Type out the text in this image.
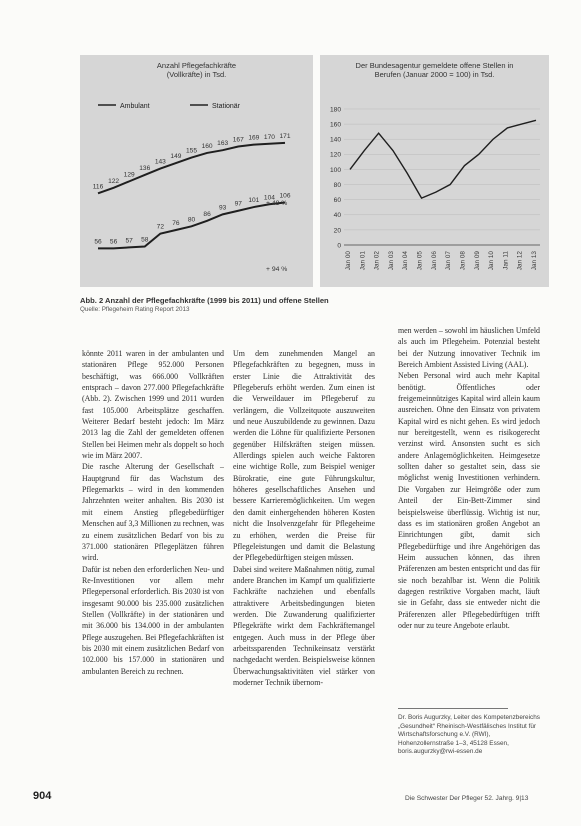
Anzahl Pflegefachkräfte
(Vollkräfte) in Tsd.
Ambulant	Stationär
56 56 57 58
72
76
80
86
93
97
101 104 106
116
122
129
136
143
149
155
160 163
167 169 170 171
+ 48 %
+ 94 %
Der Bundesagentur gemeldete offene Stellen in
Berufen (Januar 2000 = 100) in Tsd.
0
20
40
60
80
100
120
140
160
180
Jan 00 Jan 01 Jan 02 Jan 03 Jan 04 Jan 05 Jan 06 Jan 07 Jan 08 Jan 09 Jan 10 Jan 11 Jan 12 Jan 13
Abb. 2 Anzahl der Pflegefachkräfte (1999 bis 2011) und offene Stellen
Quelle: Pflegeheim Rating Report 2013

könnte 2011 waren in der ambulanten und stationären Pflege 952.000 Personen beschäftigt, was 666.000 Vollkräften entsprach – davon 277.000 Pflegefachkräfte (Abb. 2). Zwischen 1999 und 2011 wurden fast 105.000 Arbeitsplätze geschaffen. Weiterer Bedarf besteht jedoch: Im März 2013 lag die Zahl der gemeldeten offenen Stellen bei Heimen mehr als doppelt so hoch wie im März 2007.
Die rasche Alterung der Gesellschaft – Hauptgrund für das Wachstum des Pflegemarkts – wird in den kommenden Jahrzehnten weiter anhalten. Bis 2030 ist mit einem Anstieg pflegebedürftiger Menschen auf 3,3 Millionen zu rechnen, was zu einem zusätzlichen Bedarf von bis zu 371.000 stationären Pflegeplätzen führen wird.
Dafür ist neben den erforderlichen Neu- und Re-Investitionen vor allem mehr Pflegepersonal erforderlich. Bis 2030 ist von insgesamt 90.000 bis 235.000 zusätzlichen Stellen (Vollkräfte) in der stationären und mit 36.000 bis 134.000 in der ambulanten Pflege auszugehen. Bei Pflegefachkräften ist bis 2030 mit einem zusätzlichen Bedarf von 102.000 bis 157.000 in stationären und ambulanten Bereich zu rechnen.

Um dem zunehmenden Mangel an Pflegefachkräften zu begegnen, muss in erster Linie die Attraktivität des Pflegeberufs erhöht werden. Zum einen ist die Verweildauer im Pflegeberuf zu verlängern, die Vollzeitquote auszuweiten und neue Auszubildende zu gewinnen. Dazu werden die Löhne für qualifizierte Personen gegenüber Hilfskräften steigen müssen. Allerdings spielen auch weiche Faktoren eine wichtige Rolle, zum Beispiel weniger Bürokratie, eine gute Führungskultur, höheres gesellschaftliches Ansehen und bessere Karrieremöglichkeiten. Um wegen den damit einhergehenden höheren Kosten nicht die Insolvenzgefahr für Pflegeheime zu erhöhen, werden die Preise für Pflegeleistungen und damit die Belastung der Pflegebedürftigen steigen müssen.
Dabei sind weitere Maßnahmen nötig, zumal andere Branchen im Kampf um qualifizierte Fachkräfte nachziehen und ebenfalls attraktivere Arbeitsbedingungen bieten werden. Die Zuwanderung qualifizierter Pflegekräfte wirkt dem Fachkräftemangel entgegen. Auch muss in der Pflege über arbeitssparenden Technikeinsatz verstärkt nachgedacht werden. Beispielsweise können Überwachungsaktivitäten viel stärker von moderner Technik übernom-

men werden – sowohl im häuslichen Umfeld als auch im Pflegeheim. Potenzial besteht bei der Nutzung innovativer Technik im Bereich Ambient Assisted Living (AAL).
Neben Personal wird auch mehr Kapital benötigt. Öffentliches oder freigemeinnütziges Kapital wird allein kaum ausreichen. Ohne den Einsatz von privatem Kapital wird es nicht gehen. Es wird jedoch nur bereitgestellt, wenn es risikogerecht verzinst wird. Ansonsten sucht es sich andere Anlagemöglichkeiten. Heimgesetze sollten daher so gestaltet sein, dass sie möglichst wenig Investitionen verhindern. Die Vorgaben zur Heimgröße oder zum Anteil der Ein-Bett-Zimmer sind beispielsweise überflüssig. Wichtig ist nur, dass es im stationären großen Angebot an Einrichtungen gibt, damit sich Pflegebedürftige und ihre Angehörigen das Heim aussuchen können, das ihren Präferenzen am besten entspricht und das für sie noch bezahlbar ist. Wenn die Politik dagegen restriktive Vorgaben macht, läuft sie in Gefahr, dass sie entweder nicht die Präferenzen aller Pflegebedürftigen trifft oder nur zu teure Angebote erlaubt.

Dr. Boris Augurzky, Leiter des Kompetenzbereichs „Gesundheit“ Rheinisch-Westfälisches Institut für Wirtschaftsforschung e.V. (RWI), Hohenzollernstraße 1–3, 45128 Essen, boris.augurzky@rwi-essen.de
904	Die Schwester Der Pfleger 52. Jahrg. 9|13
